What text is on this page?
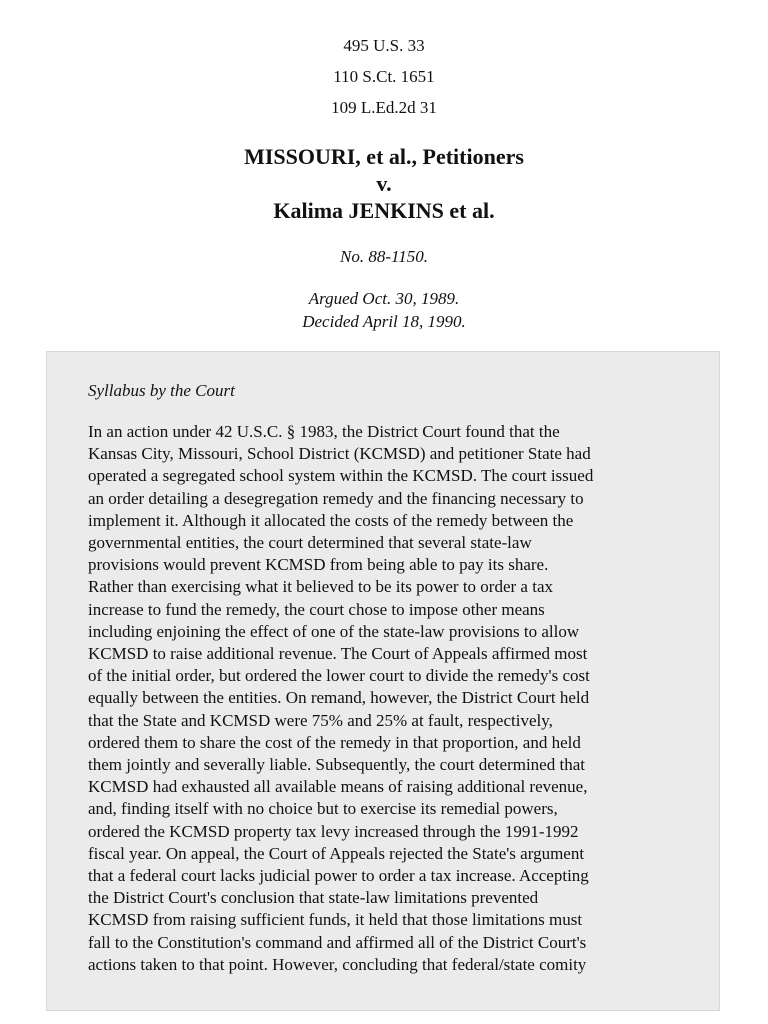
495 U.S. 33
110 S.Ct. 1651
109 L.Ed.2d 31
MISSOURI, et al., Petitioners
v.
Kalima JENKINS et al.
No. 88-1150.
Argued Oct. 30, 1989.
Decided April 18, 1990.
Syllabus by the Court
In an action under 42 U.S.C. § 1983, the District Court found that the
Kansas City, Missouri, School District (KCMSD) and petitioner State had
operated a segregated school system within the KCMSD. The court issued
an order detailing a desegregation remedy and the financing necessary to
implement it. Although it allocated the costs of the remedy between the
governmental entities, the court determined that several state-law
provisions would prevent KCMSD from being able to pay its share.
Rather than exercising what it believed to be its power to order a tax
increase to fund the remedy, the court chose to impose other means
including enjoining the effect of one of the state-law provisions to allow
KCMSD to raise additional revenue. The Court of Appeals affirmed most
of the initial order, but ordered the lower court to divide the remedy's cost
equally between the entities. On remand, however, the District Court held
that the State and KCMSD were 75% and 25% at fault, respectively,
ordered them to share the cost of the remedy in that proportion, and held
them jointly and severally liable. Subsequently, the court determined that
KCMSD had exhausted all available means of raising additional revenue,
and, finding itself with no choice but to exercise its remedial powers,
ordered the KCMSD property tax levy increased through the 1991-1992
fiscal year. On appeal, the Court of Appeals rejected the State's argument
that a federal court lacks judicial power to order a tax increase. Accepting
the District Court's conclusion that state-law limitations prevented
KCMSD from raising sufficient funds, it held that those limitations must
fall to the Constitution's command and affirmed all of the District Court's
actions taken to that point. However, concluding that federal/state comity
